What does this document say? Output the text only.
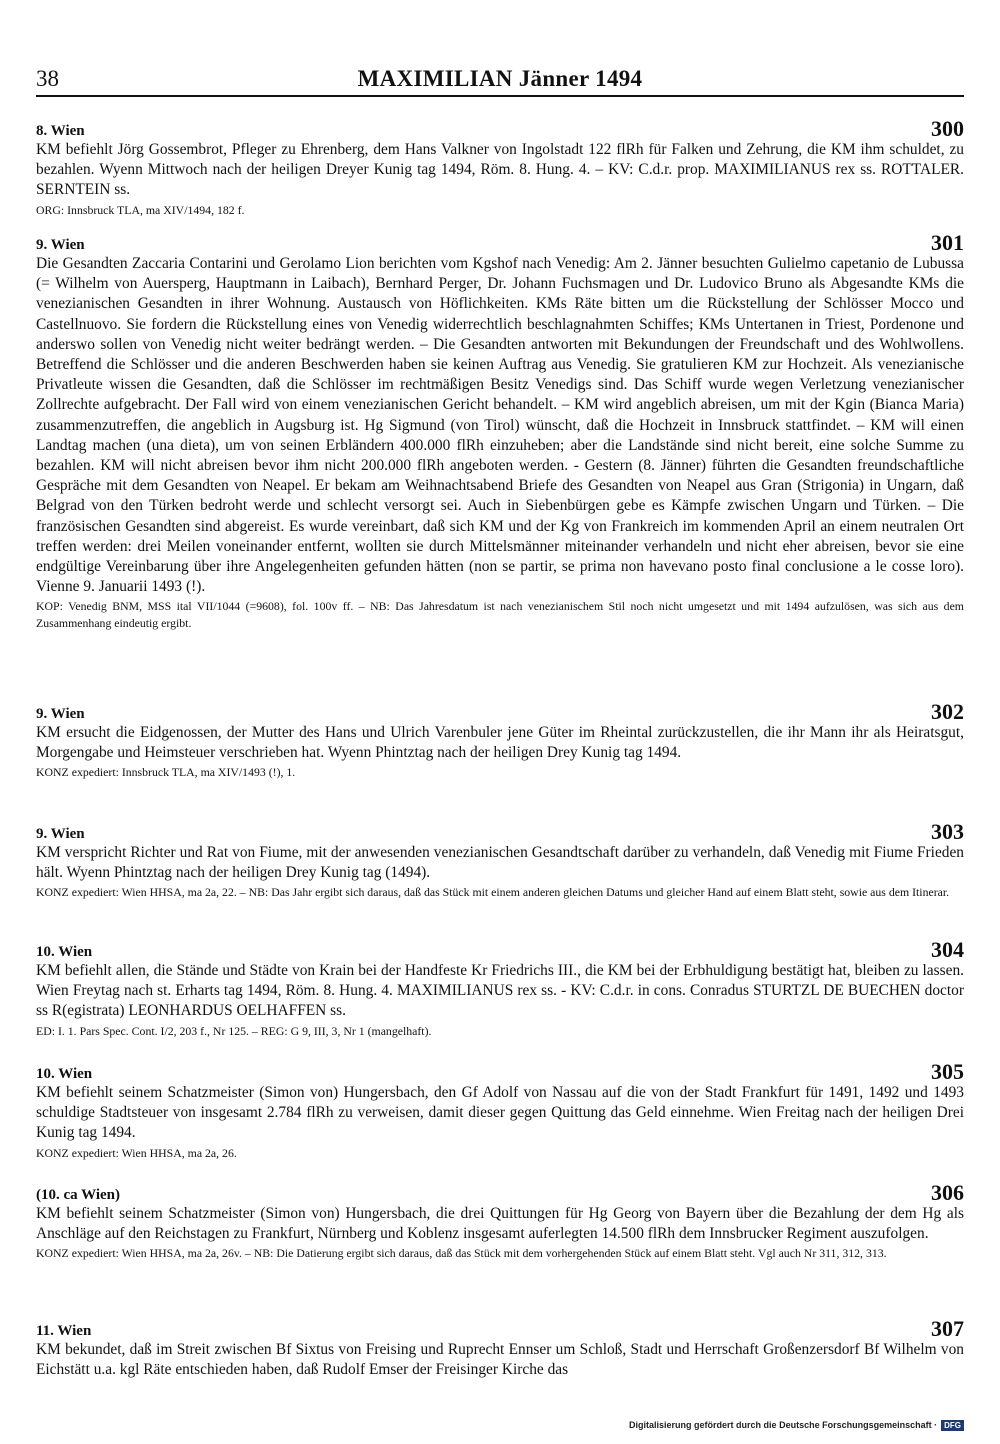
38	MAXIMILIAN Jänner 1494
8. Wien	300

KM befiehlt Jörg Gossembrot, Pfleger zu Ehrenberg, dem Hans Valkner von Ingolstadt 122 flRh für Falken und Zehrung, die KM ihm schuldet, zu bezahlen. Wyenn Mittwoch nach der heiligen Dreyer Kunig tag 1494, Röm. 8. Hung. 4. – KV: C.d.r. prop. MAXIMILIANUS rex ss. ROTTALER. SERNTEIN ss.

ORG: Innsbruck TLA, ma XIV/1494, 182 f.

9. Wien	301

Die Gesandten Zaccaria Contarini und Gerolamo Lion berichten vom Kgshof nach Venedig: Am 2. Jänner besuchten Gulielmo capetanio de Lubussa (= Wilhelm von Auersperg, Hauptmann in Laibach), Bernhard Perger, Dr. Johann Fuchsmagen und Dr. Ludovico Bruno als Abgesandte KMs die venezianischen Gesandten in ihrer Wohnung. Austausch von Höflichkeiten. KMs Räte bitten um die Rückstellung der Schlösser Mocco und Castellnuovo. Sie fordern die Rückstellung eines von Venedig widerrechtlich beschlagnahmten Schiffes; KMs Untertanen in Triest, Pordenone und anderswo sollen von Venedig nicht weiter bedrängt werden. – Die Gesandten antworten mit Bekundungen der Freundschaft und des Wohlwollens. Betreffend die Schlösser und die anderen Beschwerden haben sie keinen Auftrag aus Venedig. Sie gratulieren KM zur Hochzeit. Als venezianische Privatleute wissen die Gesandten, daß die Schlösser im rechtmäßigen Besitz Venedigs sind. Das Schiff wurde wegen Verletzung venezianischer Zollrechte aufgebracht. Der Fall wird von einem venezianischen Gericht behandelt. – KM wird angeblich abreisen, um mit der Kgin (Bianca Maria) zusammenzutreffen, die angeblich in Augsburg ist. Hg Sigmund (von Tirol) wünscht, daß die Hochzeit in Innsbruck stattfindet. – KM will einen Landtag machen (una dieta), um von seinen Erbländern 400.000 flRh einzuheben; aber die Landstände sind nicht bereit, eine solche Summe zu bezahlen. KM will nicht abreisen bevor ihm nicht 200.000 flRh angeboten werden. - Gestern (8. Jänner) führten die Gesandten freundschaftliche Gespräche mit dem Gesandten von Neapel. Er bekam am Weihnachtsabend Briefe des Gesandten von Neapel aus Gran (Strigonia) in Ungarn, daß Belgrad von den Türken bedroht werde und schlecht versorgt sei. Auch in Siebenbürgen gebe es Kämpfe zwischen Ungarn und Türken. – Die französischen Gesandten sind abgereist. Es wurde vereinbart, daß sich KM und der Kg von Frankreich im kommenden April an einem neutralen Ort treffen werden: drei Meilen voneinander entfernt, wollten sie durch Mittelsmänner miteinander verhandeln und nicht eher abreisen, bevor sie eine endgültige Vereinbarung über ihre Angelegenheiten gefunden hätten (non se partir, se prima non havevano posto final conclusione a le cosse loro). Vienne 9. Januarii 1493 (!).

KOP: Venedig BNM, MSS ital VII/1044 (=9608), fol. 100v ff. – NB: Das Jahresdatum ist nach venezianischem Stil noch nicht umgesetzt und mit 1494 aufzulösen, was sich aus dem Zusammenhang eindeutig ergibt.

9. Wien	302

KM ersucht die Eidgenossen, der Mutter des Hans und Ulrich Varenbuler jene Güter im Rheintal zurückzustellen, die ihr Mann ihr als Heiratsgut, Morgengabe und Heimsteuer verschrieben hat. Wyenn Phintztag nach der heiligen Drey Kunig tag 1494.

KONZ expediert: Innsbruck TLA, ma XIV/1493 (!), 1.

9. Wien	303

KM verspricht Richter und Rat von Fiume, mit der anwesenden venezianischen Gesandtschaft darüber zu verhandeln, daß Venedig mit Fiume Frieden hält. Wyenn Phintztag nach der heiligen Drey Kunig tag (1494).

KONZ expediert: Wien HHSA, ma 2a, 22. – NB: Das Jahr ergibt sich daraus, daß das Stück mit einem anderen gleichen Datums und gleicher Hand auf einem Blatt steht, sowie aus dem Itinerar.

10. Wien	304

KM befiehlt allen, die Stände und Städte von Krain bei der Handfeste Kr Friedrichs III., die KM bei der Erbhuldigung bestätigt hat, bleiben zu lassen. Wien Freytag nach st. Erharts tag 1494, Röm. 8. Hung. 4. MAXIMILIANUS rex ss. - KV: C.d.r. in cons. Conradus STURTZL DE BUECHEN doctor ss R(egistrata) LEONHARDUS OELHAFFEN ss.

ED: I. 1. Pars Spec. Cont. I/2, 203 f., Nr 125. – REG: G 9, III, 3, Nr 1 (mangelhaft).

10. Wien	305

KM befiehlt seinem Schatzmeister (Simon von) Hungersbach, den Gf Adolf von Nassau auf die von der Stadt Frankfurt für 1491, 1492 und 1493 schuldige Stadtsteuer von insgesamt 2.784 flRh zu verweisen, damit dieser gegen Quittung das Geld einnehme. Wien Freitag nach der heiligen Drei Kunig tag 1494.

KONZ expediert: Wien HHSA, ma 2a, 26.

(10. ca Wien)	306

KM befiehlt seinem Schatzmeister (Simon von) Hungersbach, die drei Quittungen für Hg Georg von Bayern über die Bezahlung der dem Hg als Anschläge auf den Reichstagen zu Frankfurt, Nürnberg und Koblenz insgesamt auferlegten 14.500 flRh dem Innsbrucker Regiment auszufolgen.

KONZ expediert: Wien HHSA, ma 2a, 26v. – NB: Die Datierung ergibt sich daraus, daß das Stück mit dem vorhergehenden Stück auf einem Blatt steht. Vgl auch Nr 311, 312, 313.

11. Wien	307

KM bekundet, daß im Streit zwischen Bf Sixtus von Freising und Ruprecht Ennser um Schloß, Stadt und Herrschaft Großenzersdorf Bf Wilhelm von Eichstätt u.a. kgl Räte entschieden haben, daß Rudolf Emser der Freisinger Kirche das

Digitalisierung gefördert durch die Deutsche Forschungsgemeinschaft · DFG
